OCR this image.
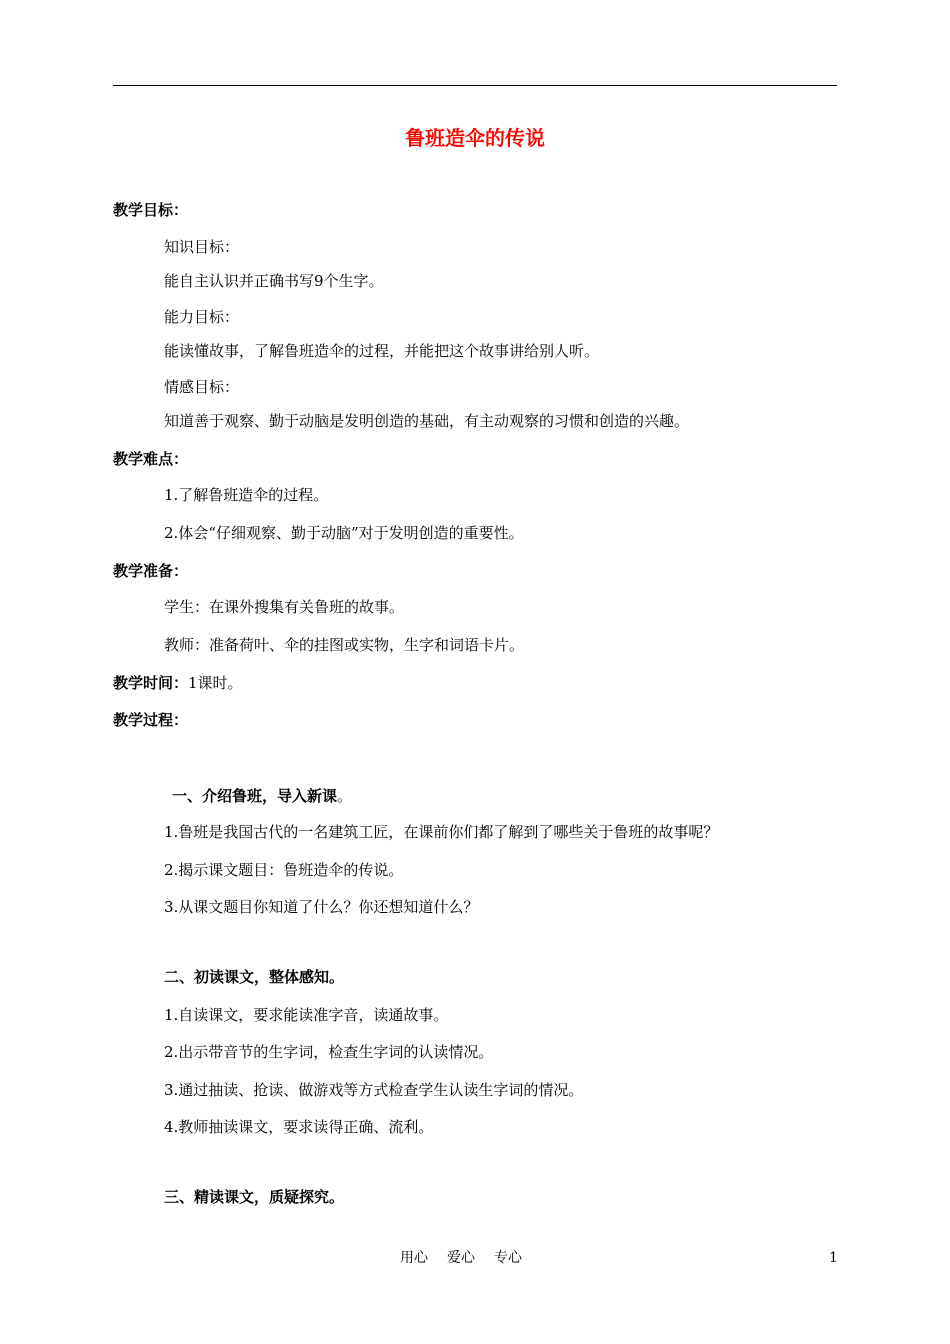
鲁班造伞的传说
教学目标：
知识目标：
能自主认识并正确书写9个生字。
能力目标：
能读懂故事，了解鲁班造伞的过程，并能把这个故事讲给别人听。
情感目标：
知道善于观察、勤于动脑是发明创造的基础，有主动观察的习惯和创造的兴趣。
教学难点：
1.了解鲁班造伞的过程。
2.体会“仔细观察、勤于动脑”对于发明创造的重要性。
教学准备：
学生：在课外搜集有关鲁班的故事。
教师：准备荷叶、伞的挂图或实物，生字和词语卡片。
教学时间：1课时。
教学过程：
一、介绍鲁班，导入新课。
1.鲁班是我国古代的一名建筑工匠，在课前你们都了解到了哪些关于鲁班的故事呢？
2.揭示课文题目：鲁班造伞的传说。
3.从课文题目你知道了什么？你还想知道什么？
二、初读课文，整体感知。
1.自读课文，要求能读准字音，读通故事。
2.出示带音节的生字词，检查生字词的认读情况。
3.通过抽读、抢读、做游戏等方式检查学生认读生字词的情况。
4.教师抽读课文，要求读得正确、流利。
三、精读课文，质疑探究。
用心 爱心 专心	1
